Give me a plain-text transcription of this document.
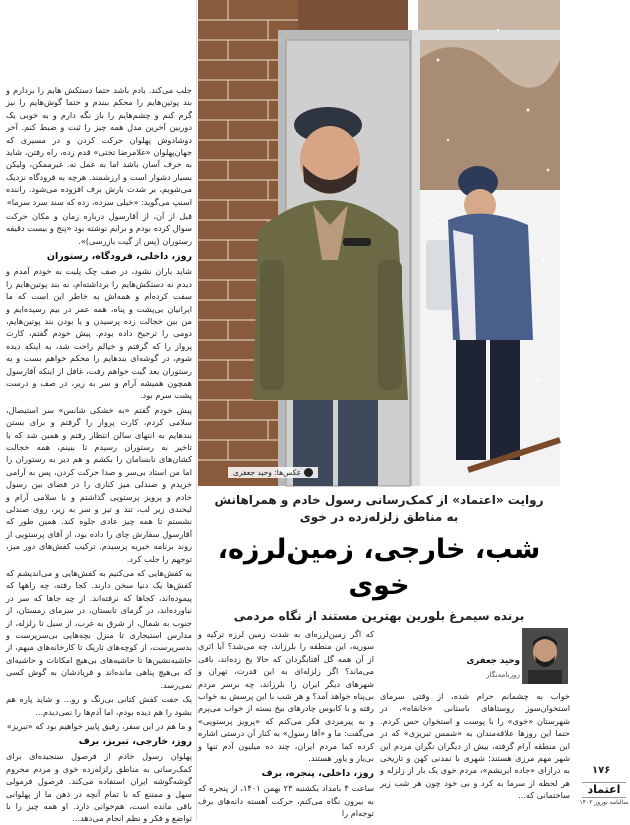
جلب می‌کند. یادم باشد حتما دستکش هایم را بردارم و بند پوتین‌هایم را محکم ببندم و حتما گوش‌هایم را نیز گرم کنم و چشم‌هایم را باز نگه دارم و به خوبی یک دوربین آخرین مدل همه چیز را ثبت و ضبط کنم. آخر دوشادوش پهلوان حرکت کردن و در مسیری که جهان‌پهلوان «غلامرضا تختی» قدم زده، راه رفتن، شاید به حرف آسان باشد اما به عمل نه. غیرممکن، ولیکن بسیار دشوار است و ارزشمند. هرچه به فرودگاه نزدیک می‌شویم، بر شدت بارش برف افزوده می‌شود. راننده اسنپ می‌گوید: «خیلی سرده، زده که سند سرد سرما»

قبل از آن، از آقارسول درباره زمان و مکان حرکت سوال کرده بودم و برایم نوشته بود «پنج و بیست دقیقه رستوران (پس از گیت بازرسی)».

روز، داخلی، فرودگاه، رستوران

شاید باران نشود، در صف چک پلیت به خودم آمدم و دیدم نه دستکش‌هایم را برداشته‌ام، نه بند پوتین‌هایم را سفت کرده‌ام و همه‌اش به خاطر این است که ما ایرانیان بی‌پشت و پناه، همه عمر در بیم رسیده‌ایم و من بین خجالت زده پرسیدن و یا بودن بند پوتین‌هایم، دومی را ترجیح داده بودم. پیش خودم گفتم، کارت پرواز را که گرفتم و خیالم راحت شد، به اینکه دیده شوم، در گوشه‌ای بندهایم را محکم خواهم بست و به رستوران بعد گیت خواهم رفت، غافل از اینکه آقارسول همچون همیشه آرام و سر به زیر، در صف و درست پشت سرم بود.

پیش خودم گفتم «به خشکی شانس» سر استیصال، سلامی کردم، کارت پرواز را گرفتم و برای بستن بندهایم به انتهای سالن انتظار رفتم و همین شد که با تاخیر به رستوران رسیدم تا ببینم، همه خجالت کشان‌های نابسامان را بکشم و هم دیر به رستوران را اما من استاد بی‌سر و صدا حرکت کردن، پس به آرامی خزیدم و صندلی میز کناری را در فضای بین رسول خادم و پرویز پرستویی گذاشتم و با سلامی آرام و لبخندی زیر لب، تند و تیز و سر به زیر، روی صندلی نشستم تا همه چیز عادی جلوه کند. همین طور که آقارسول سفارش چای را داده بود، از آقای پرستویی از روند برنامه خیریه پرسیدم. ترکیب کفش‌های دور میز، توجهم را جلب کرد.

به کفش‌هایی که می‌کنیم به کفش‌هایی و می‌اندیشم که کفش‌ها یک دنیا سخن دارند. کجا رفته، چه راهها که پیموده‌اند، کجاها که نرفته‌اند. از چه جاها که سر در نیاورده‌اند، در گرمای تابستان، در سرمای زمستان، از جنوب به شمال، از شرق به غرب، از سیل تا زلزله، از مدارس استیجاری تا منزل بچه‌هایی بی‌سرپرست و بدسرپرست، از کوچه‌های تاریک تا کارخانه‌های مبهم، از حاشیه‌نشین‌ها تا حاشیه‌های بی‌هیچ امکانات و حاشیه‌ای که بی‌هیچ پناهی مانده‌اند و فریادشان به گوش کسی نمی‌رسد.

یک جفت کفش کتانی بی‌رنگ و رو... و شاید پاره هم بشود را هم دیده بودم، اما آدم‌ها را نمی‌دیدم...

و ما هم در این سفر، رفیق پاییز خواهیم بود که «تبریز»

روز، خارجی، تبریز، برف

پهلوان رسول خادم از فرصول سنجیده‌ای برای کمک‌رسانی به مناطق زلزله‌زده خوی و مردم محروم گوشه‌گوشه ایران استفاده می‌کند. فرصول فرمولی سهل و ممتنع که با تمام آنچه در ذهن ما از پهلوانی باقی مانده است، هم‌خوانی دارد. او همه چیز را با تواضع و فکر و نظم انجام می‌دهد...

عکس‌ها: وحید جعفری

روایت «اعتماد» از کمک‌رسانی رسول خادم و همراهانش

به مناطق زلزله‌زده در خوی

شب، خارجی، زمین‌لرزه، خوی

برنده سیمرغ بلورین بهترین مستند از نگاه مردمی

وحید جعفری

روزنامه‌نگار

که اگر زمین‌لرزه‌ای به شدت زمین لرزه ترکیه و سوریه، این منطقه را بلرزاند، چه می‌شد؟ آیا اثری از آن همه گل آفتابگردان که حالا یخ زده‌اند، باقی می‌ماند؟ اگر زلزله‌ای به این قدرت، تهران و شهرهای دیگر ایران را بلرزاند، چه برسر مردم بی‌پناه خواهد آمد؟ و هر شب با این پرسش به خواب رفته و با کابوس چادرهای بیخ بسته از خواب می‌پرم و به پیرمردی فکر می‌کنم که «پرویز پرستویی» می‌گفت: ما و «آقا رسول» به کنار آن درستی اشاره کرده کما مردم ایران، چند ده میلیون آدم تنها و بی‌یار و یاور هستند.

روز، داخلی، پنجره، برف

ساعت ۴ بامداد یکشنبه ۲۳ بهمن ۱۴۰۱، از پنجره که به بیرون نگاه می‌کنم، حرکت آهسته دانه‌های برف توجه‌ام را

خواب به چشمانم حرام شده، از وقتی سرمای استخوان‌سوز روستاهای باستانی «خانقاه»، در شهرستان «خوی» را با پوست و استخوان حس کردم. حتما این روزها علاقه‌مندان به «شمس تبریزی» که در این منطقه آرام گرفته، بیش از دیگران نگران مردم این شهر مهم مرزی هستند؛ شهری با تمدنی کهن و تاریخی به درازای «جاده ابریشم»، مردم خوی یک بار از زلزله و هر لحظه از سرما به کرد و بی خود چون هر شب زیر ساختمانی که...

۱۷۶
اعتماد
سالنامه نوروز ۱۴۰۲
